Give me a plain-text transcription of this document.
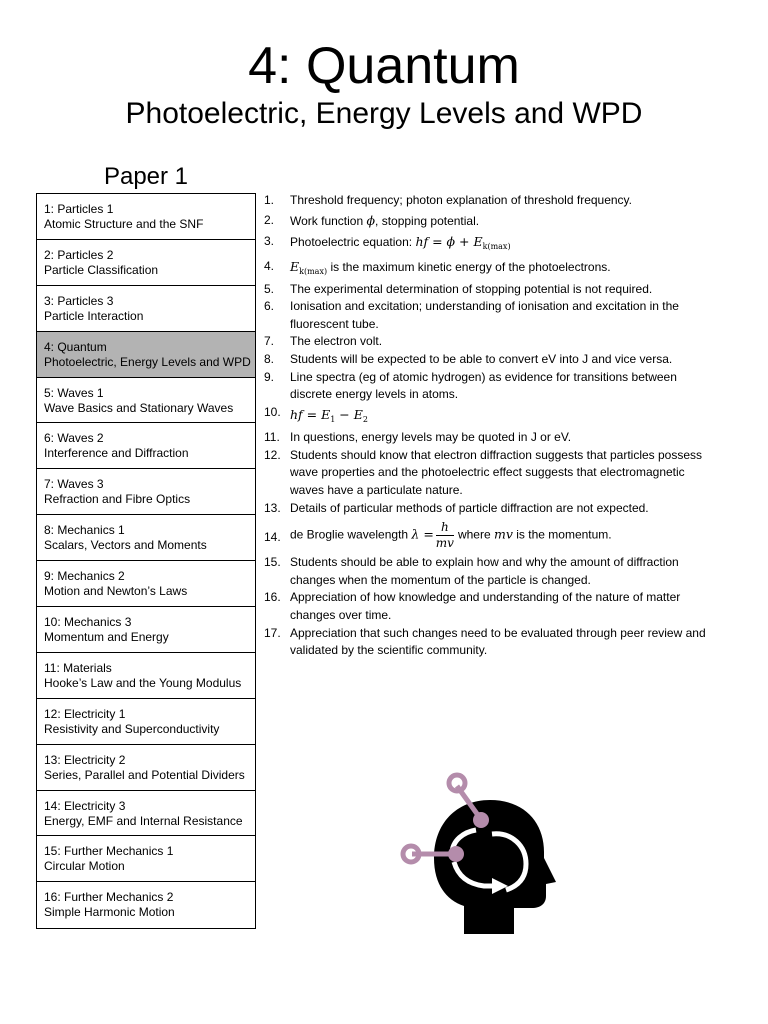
4: Quantum
Photoelectric, Energy Levels and WPD
Paper 1
1: Particles 1
Atomic Structure and the SNF
2: Particles 2
Particle Classification
3: Particles 3
Particle Interaction
4: Quantum
Photoelectric, Energy Levels and WPD
5: Waves 1
Wave Basics and Stationary Waves
6: Waves 2
Interference and Diffraction
7: Waves 3
Refraction and Fibre Optics
8: Mechanics 1
Scalars, Vectors and Moments
9: Mechanics 2
Motion and Newton’s Laws
10: Mechanics 3
Momentum and Energy
11: Materials
Hooke’s Law and the Young Modulus
12: Electricity 1
Resistivity and Superconductivity
13: Electricity 2
Series, Parallel and Potential Dividers
14: Electricity 3
Energy, EMF and Internal Resistance
15: Further Mechanics 1
Circular Motion
16: Further Mechanics 2
Simple Harmonic Motion
1.	Threshold frequency; photon explanation of threshold frequency.
2.	Work function ϕ, stopping potential.
3.	Photoelectric equation: hf = $\phi + E_{k(max)}$
4.	$E_{k(max)}$ is the maximum kinetic energy of the photoelectrons.
5.	The experimental determination of stopping potential is not required.
6.	Ionisation and excitation; understanding of ionisation and excitation in the fluorescent tube.
7.	The electron volt.
8.	Students will be expected to be able to convert eV into J and vice versa.
9.	Line spectra (eg of atomic hydrogen) as evidence for transitions between discrete energy levels in atoms.
10. hf = $E_1 - E_2$
11. In questions, energy levels may be quoted in J or eV.
12. Students should know that electron diffraction suggests that particles possess wave properties and the photoelectric effect suggests that electromagnetic waves have a particulate nature.
13. Details of particular methods of particle diffraction are not expected.
14. de Broglie wavelength $\lambda = \frac{h}{mv}$ where mv is the momentum.
15. Students should be able to explain how and why the amount of diffraction changes when the momentum of the particle is changed.
16. Appreciation of how knowledge and understanding of the nature of matter changes over time.
17. Appreciation that such changes need to be evaluated through peer review and validated by the scientific community.
